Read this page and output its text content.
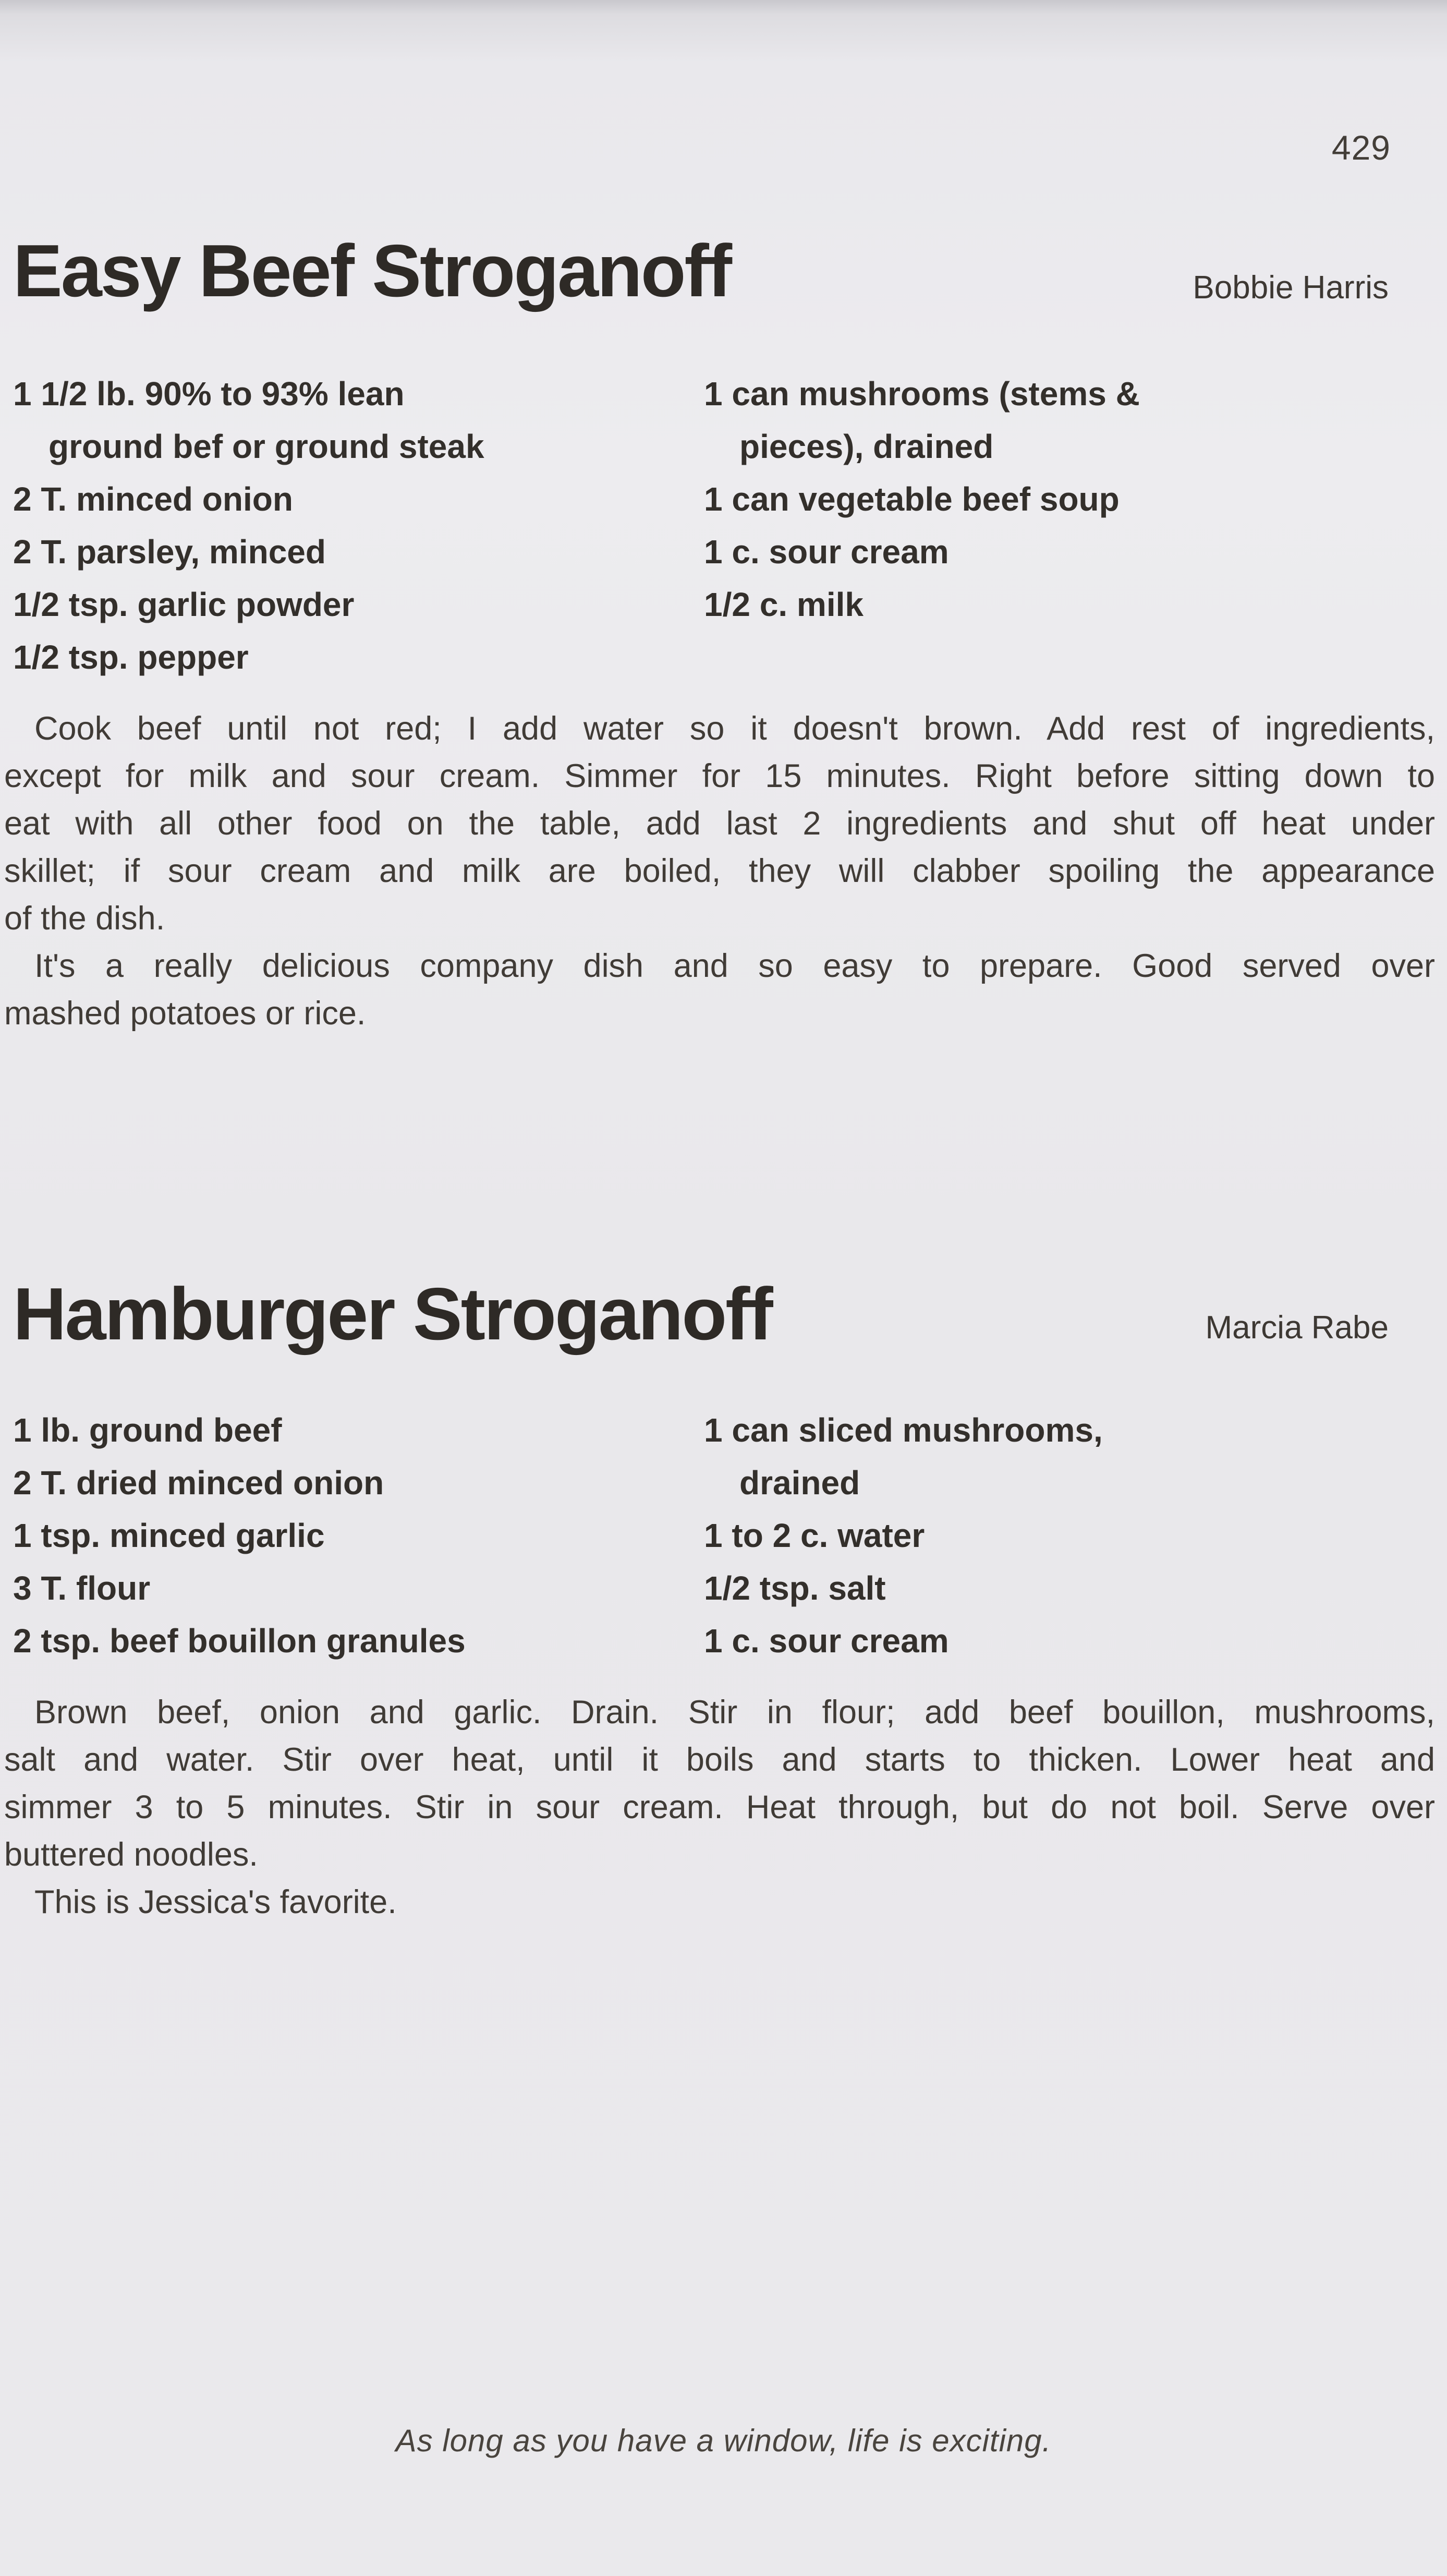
429
Easy Beef Stroganoff	Bobbie Harris
1 1/2 lb. 90% to 93% lean
ground bef or ground steak
2 T. minced onion
2 T. parsley, minced
1/2 tsp. garlic powder
1/2 tsp. pepper
1 can mushrooms (stems &
pieces), drained
1 can vegetable beef soup
1 c. sour cream
1/2 c. milk
Cook beef until not red; I add water so it doesn't brown. Add rest of ingredients,
except for milk and sour cream. Simmer for 15 minutes. Right before sitting down to
eat with all other food on the table, add last 2 ingredients and shut off heat under
skillet; if sour cream and milk are boiled, they will clabber spoiling the appearance
of the dish.
It's a really delicious company dish and so easy to prepare. Good served over
mashed potatoes or rice.
Hamburger Stroganoff	Marcia Rabe
1 lb. ground beef
2 T. dried minced onion
1 tsp. minced garlic
3 T. flour
2 tsp. beef bouillon granules
1 can sliced mushrooms,
drained
1 to 2 c. water
1/2 tsp. salt
1 c. sour cream
Brown beef, onion and garlic. Drain. Stir in flour; add beef bouillon, mushrooms,
salt and water. Stir over heat, until it boils and starts to thicken. Lower heat and
simmer 3 to 5 minutes. Stir in sour cream. Heat through, but do not boil. Serve over
buttered noodles.
This is Jessica's favorite.
As long as you have a window, life is exciting.
